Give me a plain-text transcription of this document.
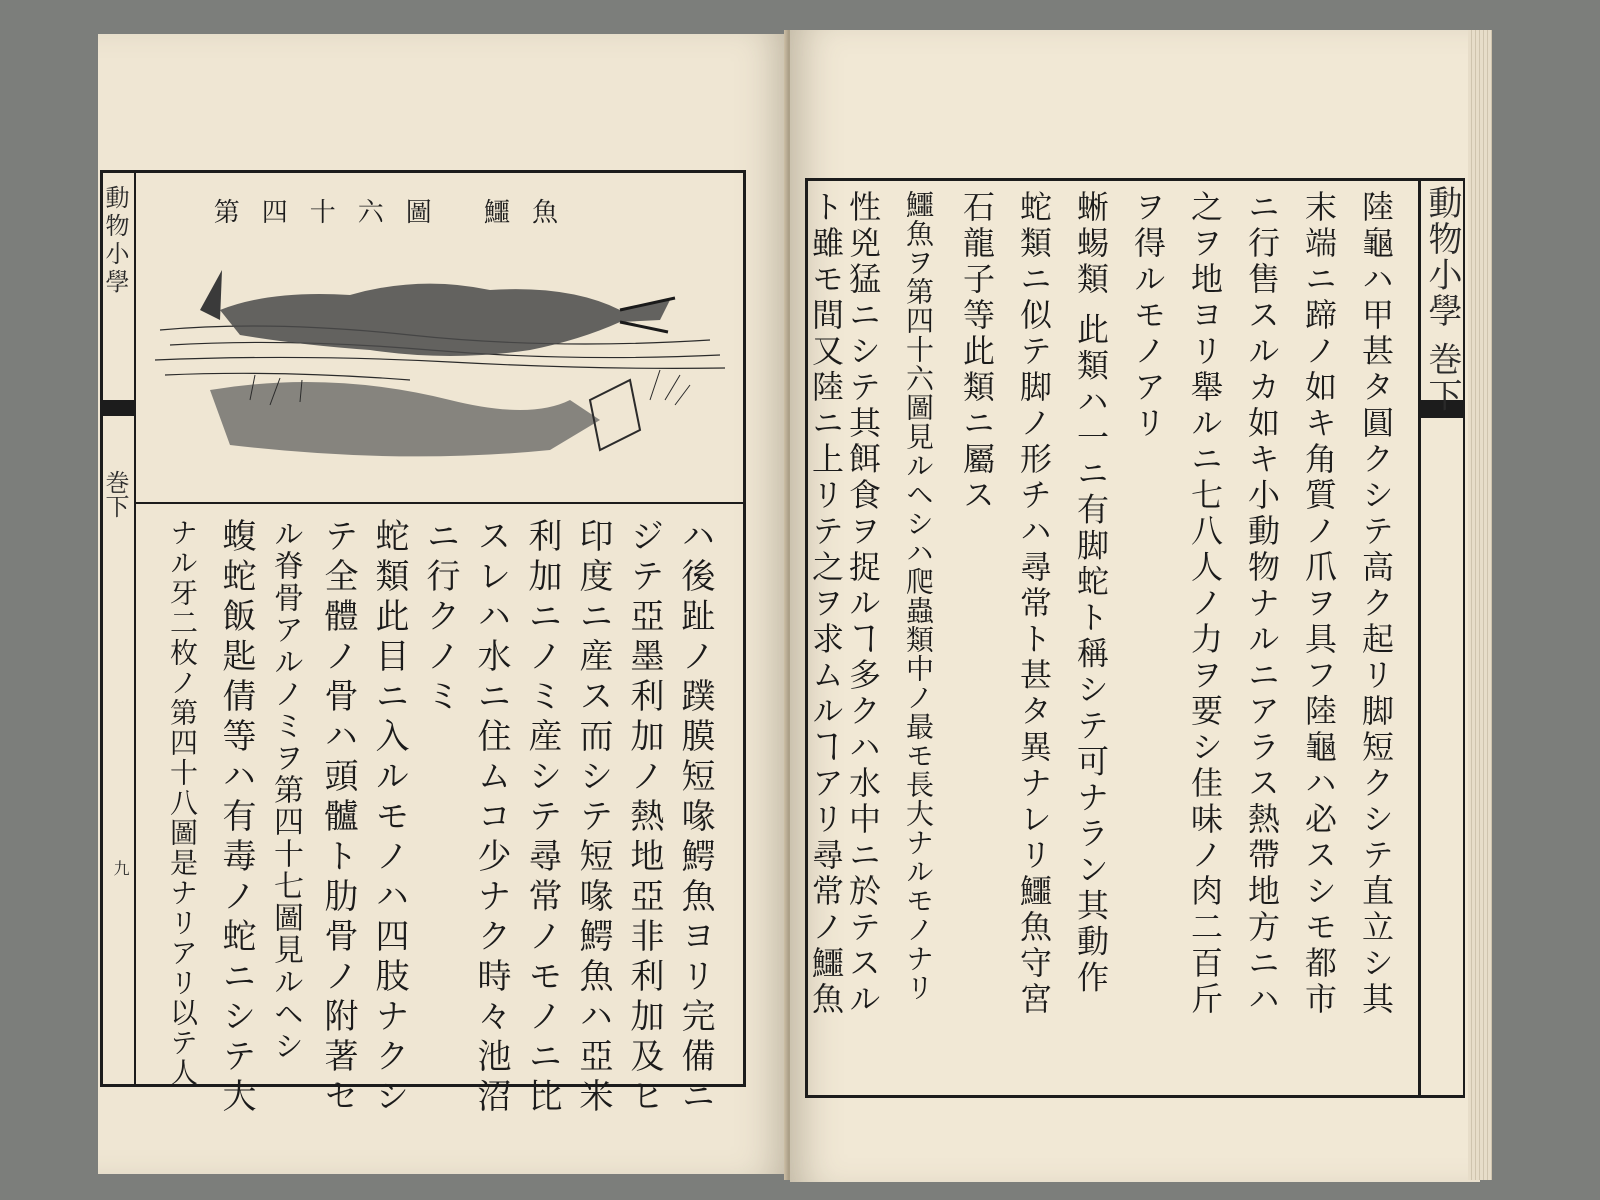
動物小學
巻下
九
第四十六圖 鱷魚
ハ後趾ノ蹼膜短喙鰐魚ヨリ完備ニ
ジテ亞墨利加ノ熱地亞非利加及ヒ
印度ニ産ス而シテ短喙鰐魚ハ亞米
利加ニノミ産シテ尋常ノモノニ比
スレハ水ニ住ムコ少ナク時々池沼
ニ行クノミ
蛇類此目ニ入ルモノハ四肢ナクシ
テ全體ノ骨ハ頭髗ト肋骨ノ附著セ
ル脊骨アルノミヲ第四十七圖見ルヘシ
蝮蛇飯匙倩等ハ有毒ノ蛇ニシテ大
ナル牙二枚ノ第四十八圖是ナリアリ以テ人
動物小學 巻下
陸龜ハ甲甚タ圓クシテ高ク起リ脚短クシテ直立シ其
末端ニ蹄ノ如キ角質ノ爪ヲ具フ陸龜ハ必スシモ都市
ニ行售スルカ如キ小動物ナルニアラス熱帶地方ニハ
之ヲ地ヨリ舉ルニ七八人ノ力ヲ要シ佳味ノ肉二百斤
ヲ得ルモノアリ
蜥蜴類 此類ハ一ニ有脚蛇ト稱シテ可ナラン其動作
蛇類ニ似テ脚ノ形チハ尋常ト甚タ異ナレリ鱷魚守宮
石龍子等此類ニ屬ス
鱷魚ヲ第四十六圖見ルヘシハ爬蟲類中ノ最モ長大ナルモノナリ
性兇猛ニシテ其餌食ヲ捉ルヿ多クハ水中ニ於テスル
ト雖モ間又陸ニ上リテ之ヲ求ムルヿアリ尋常ノ鱷魚
